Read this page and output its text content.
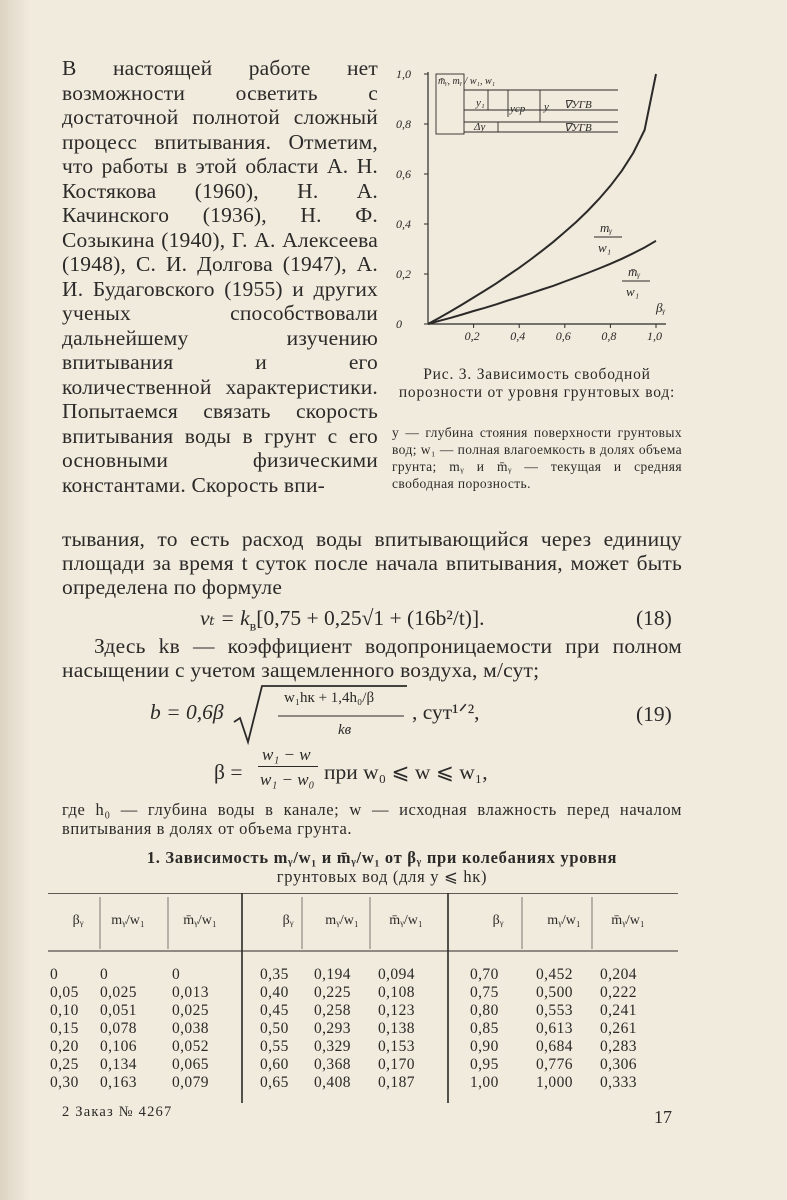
В настоящей работе нет возможности осветить с достаточной полнотой сложный процесс впитывания. Отметим, что работы в этой области А. Н. Костякова (1960), Н. А. Качинского (1936), Н. Ф. Созыкина (1940), Г. А. Алексеева (1948), С. И. Долгова (1947), А. И. Будаговского (1955) и других ученых способствовали дальнейшему изучению впитывания и его количественной характеристики. Попытаемся связать скорость впитывания воды в грунт с его основными физическими константами. Скорость впи-
1,0
0,8
0,6
0,4
0,2
0
0,2	0,4	0,6	0,8	1,0
y₁ yср y
Δy
∇УГВ
∇УГВ
m̄ᵧ, mᵧ / w₁, w₁
mᵧ
w₁
m̄ᵧ
w₁
βᵧ
Рис. 3. Зависимость свободной порозности от уровня грунтовых вод:
y — глубина стояния поверхности грунтовых вод; w₁ — полная влагоемкость в долях объема грунта; mᵧ и m̄ᵧ — текущая и средняя свободная порозность.
тывания, то есть расход воды впитывающийся через единицу площади за время t суток после начала впитывания, может быть определена по формуле
$v_t = k_в[0,75 + 0,25√1 + (16b^2/t)]$.	(18)
Здесь kв — коэффициент водопроницаемости при полном насыщении с учетом защемленного воздуха, м/сут;
b = 0,6β
w₁hк + 1,4h₀/β
kв
, сут¹ᐟ²,	(19)
β =
w₁ − w
w₁ − w₀ при w₀ ⩽ w ⩽ w₁,
где h₀ — глубина воды в канале; w — исходная влажность перед началом впитывания в долях от объема грунта.
1. Зависимость mᵧ/w₁ и m̄ᵧ/w₁ от βᵧ при колебаниях уровня
грунтовых вод (для y ⩽ hк)
βᵧ	mᵧ/w₁	m̄ᵧ/w₁	βᵧ	mᵧ/w₁	m̄ᵧ/w₁	βᵧ	mᵧ/w₁	m̄ᵧ/w₁
0	0	0	0,35 0,194 0,094	0,70 0,452 0,204
0,05 0,025 0,013	0,40 0,225 0,108	0,75 0,500 0,222
0,10 0,051 0,025	0,45 0,258 0,123	0,80 0,553 0,241
0,15 0,078 0,038	0,50 0,293 0,138	0,85 0,613 0,261
0,20 0,106 0,052	0,55 0,329 0,153	0,90 0,684 0,283
0,25 0,134 0,065	0,60 0,368 0,170	0,95 0,776 0,306
0,30 0,163 0,079	0,65 0,408 0,187	1,00 1,000 0,333
2 Заказ № 4267	17
